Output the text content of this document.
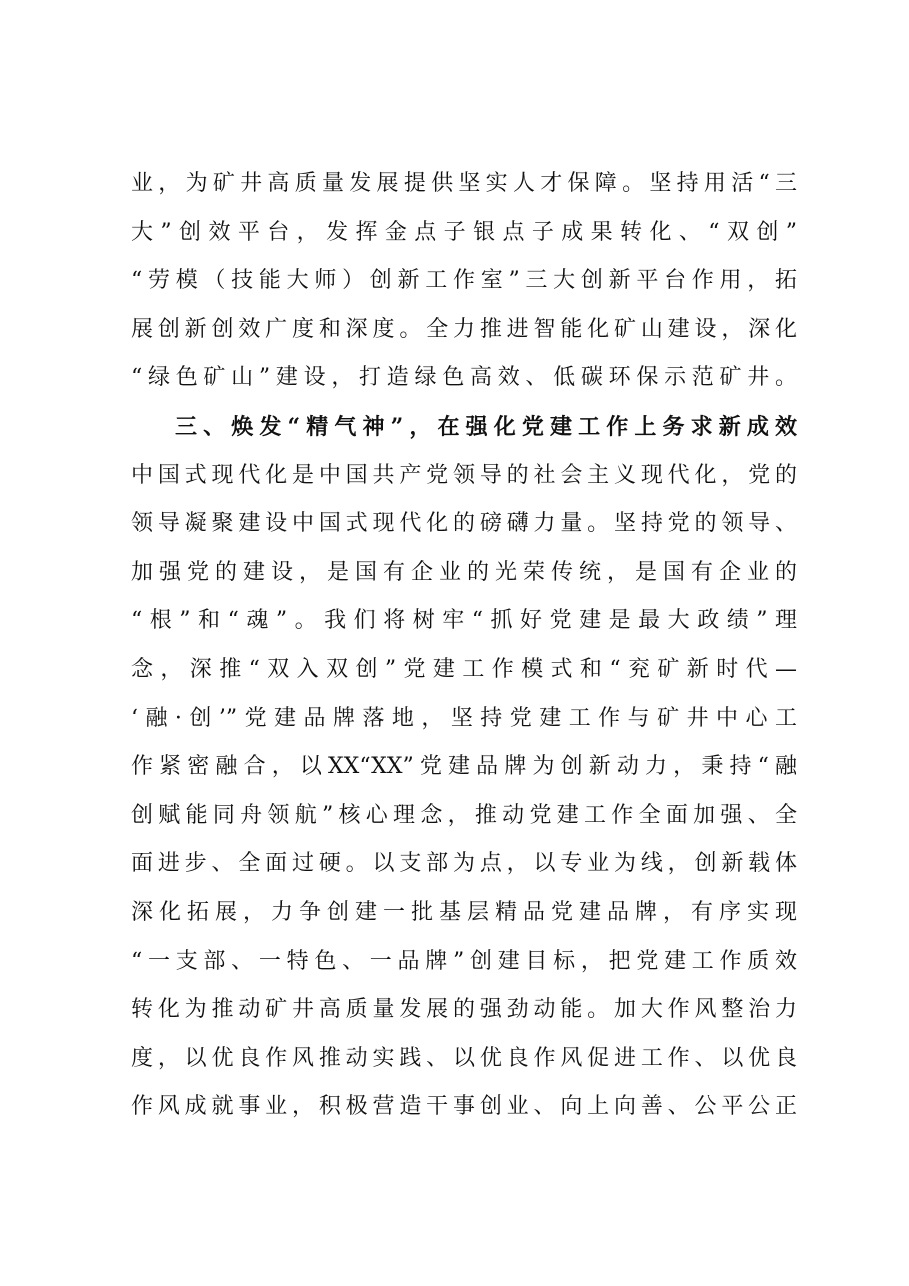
业，为矿井高质量发展提供坚实人才保障。坚持用活“三
大”创效平台，发挥金点子银点子成果转化、“双创”
“劳模（技能大师）创新工作室”三大创新平台作用，拓
展创新创效广度和深度。全力推进智能化矿山建设，深化
“绿色矿山”建设，打造绿色高效、低碳环保示范矿井。
三、焕发“精气神”，在强化党建工作上务求新成效
中国式现代化是中国共产党领导的社会主义现代化，党的
领导凝聚建设中国式现代化的磅礴力量。坚持党的领导、
加强党的建设，是国有企业的光荣传统，是国有企业的
“根”和“魂”。我们将树牢“抓好党建是最大政绩”理
念，深推“双入双创”党建工作模式和“兖矿新时代—
‘融·创’”党建品牌落地，坚持党建工作与矿井中心工
作紧密融合，以XX“XX”党建品牌为创新动力，秉持“融
创赋能同舟领航”核心理念，推动党建工作全面加强、全
面进步、全面过硬。以支部为点，以专业为线，创新载体
深化拓展，力争创建一批基层精品党建品牌，有序实现
“一支部、一特色、一品牌”创建目标，把党建工作质效
转化为推动矿井高质量发展的强劲动能。加大作风整治力
度，以优良作风推动实践、以优良作风促进工作、以优良
作风成就事业，积极营造干事创业、向上向善、公平公正
